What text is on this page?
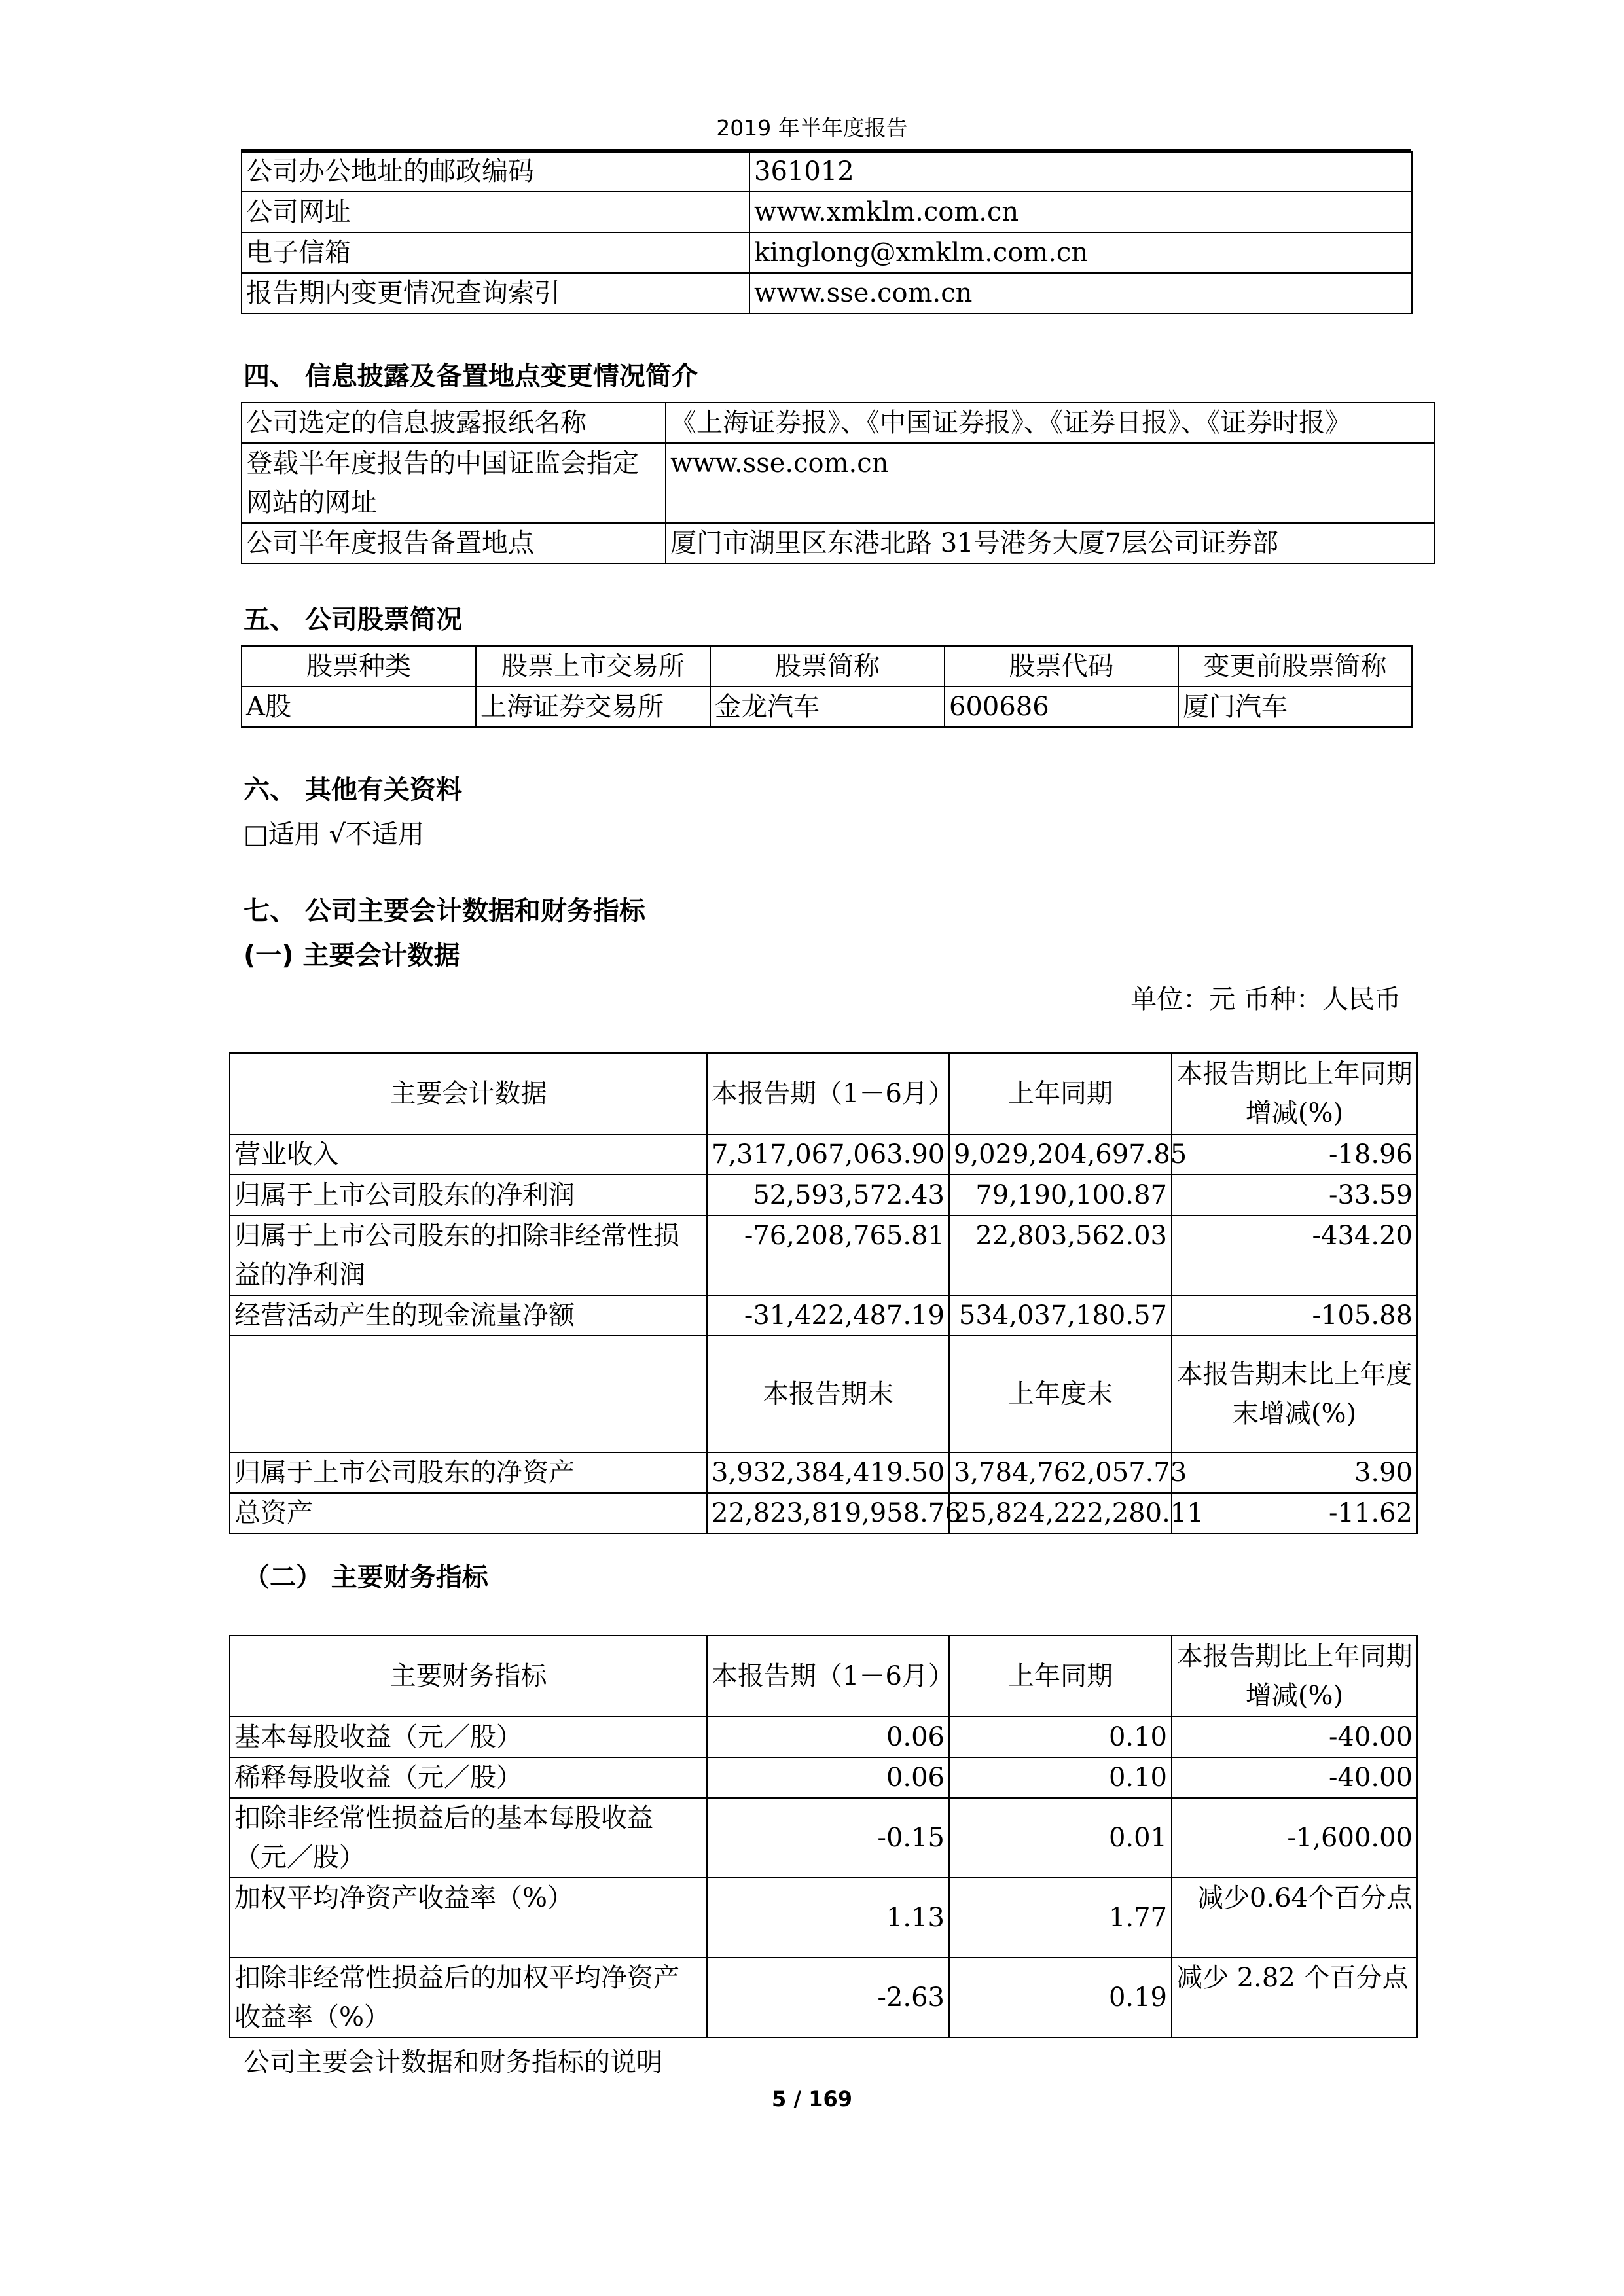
2019 年半年度报告
公司办公地址的邮政编码	361012
公司网址	www.xmklm.com.cn
电子信箱	kinglong@xmklm.com.cn
报告期内变更情况查询索引	www.sse.com.cn
四、 信息披露及备置地点变更情况简介
公司选定的信息披露报纸名称	《上海证券报》、《中国证券报》、《证券日报》、《证券时报》
登载半年度报告的中国证监会指定网站的网址	www.sse.com.cn
公司半年度报告备置地点	厦门市湖里区东港北路 31号港务大厦7层公司证券部
五、 公司股票简况
股票种类	股票上市交易所	股票简称	股票代码	变更前股票简称
A股	上海证券交易所	金龙汽车	600686	厦门汽车
六、 其他有关资料
□适用 √不适用
七、 公司主要会计数据和财务指标
(一) 主要会计数据
单位：元 币种：人民币
主要会计数据	本报告期（1－6月）	上年同期	本报告期比上年同期增减(%)
营业收入	7,317,067,063.90	9,029,204,697.85	-18.96
归属于上市公司股东的净利润	52,593,572.43	79,190,100.87	-33.59
归属于上市公司股东的扣除非经常性损益的净利润	-76,208,765.81	22,803,562.03	-434.20
经营活动产生的现金流量净额	-31,422,487.19	534,037,180.57	-105.88
	本报告期末	上年度末	本报告期末比上年度末增减(%)
归属于上市公司股东的净资产	3,932,384,419.50	3,784,762,057.73	3.90
总资产	22,823,819,958.76	25,824,222,280.11	-11.62
（二） 主要财务指标
主要财务指标	本报告期（1－6月）	上年同期	本报告期比上年同期增减(%)
基本每股收益（元／股）	0.06	0.10	-40.00
稀释每股收益（元／股）	0.06	0.10	-40.00
扣除非经常性损益后的基本每股收益（元／股）	-0.15	0.01	-1,600.00
加权平均净资产收益率（%）	1.13	1.77	减少0.64个百分点
扣除非经常性损益后的加权平均净资产收益率（%）	-2.63	0.19	减少 2.82 个百分点
公司主要会计数据和财务指标的说明
5 / 169
